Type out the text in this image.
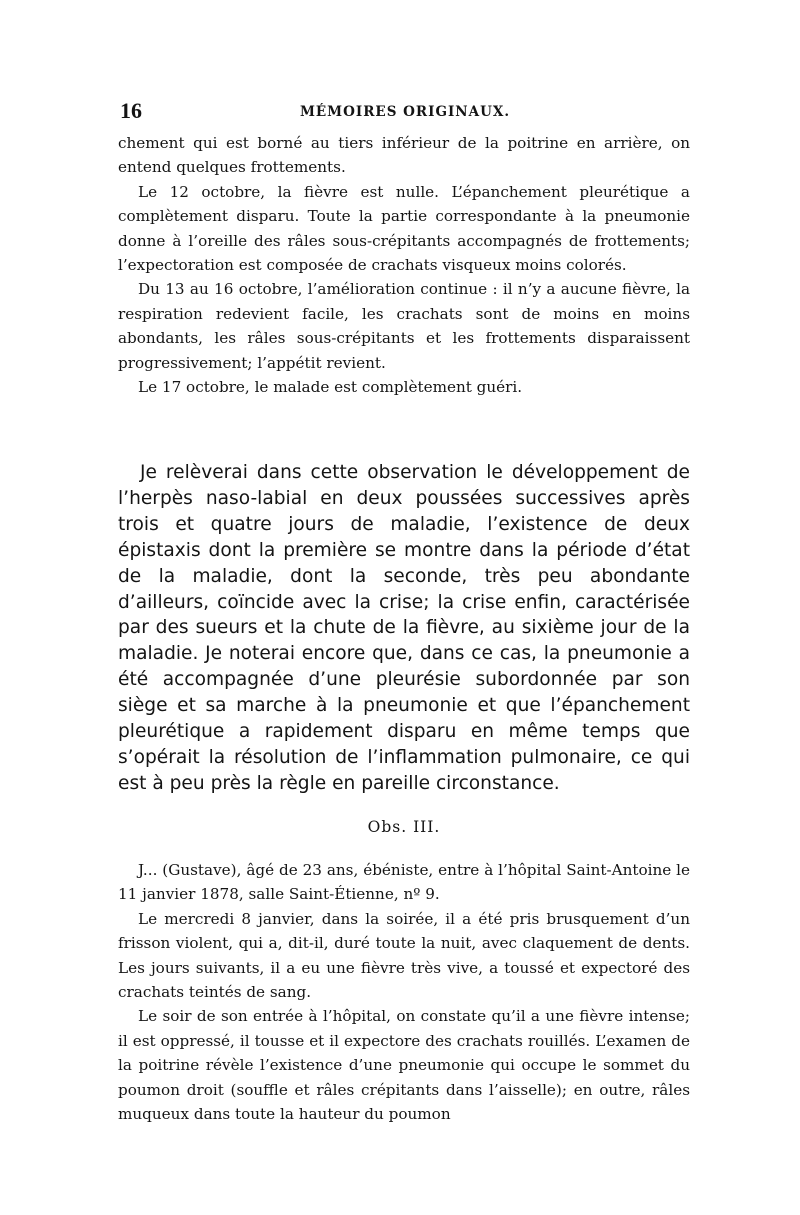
16	MÉMOIRES ORIGINAUX.

chement qui est borné au tiers inférieur de la poitrine en arrière, on entend quelques frottements.

Le 12 octobre, la fièvre est nulle. L’épanchement pleurétique a complètement disparu. Toute la partie correspondante à la pneumonie donne à l’oreille des râles sous-crépitants accompagnés de frottements; l’expectoration est composée de crachats visqueux moins colorés.

Du 13 au 16 octobre, l’amélioration continue : il n’y a aucune fièvre, la respiration redevient facile, les crachats sont de moins en moins abondants, les râles sous-crépitants et les frottements disparaissent progressivement; l’appétit revient.

Le 17 octobre, le malade est complètement guéri.

Je relèverai dans cette observation le développement de l’herpès naso-labial en deux poussées successives après trois et quatre jours de maladie, l’existence de deux épistaxis dont la première se montre dans la période d’état de la maladie, dont la seconde, très peu abondante d’ailleurs, coïncide avec la crise; la crise enfin, caractérisée par des sueurs et la chute de la fièvre, au sixième jour de la maladie. Je noterai encore que, dans ce cas, la pneumonie a été accompagnée d’une pleurésie subordonnée par son siège et sa marche à la pneumonie et que l’épanchement pleurétique a rapidement disparu en même temps que s’opérait la résolution de l’inflammation pulmonaire, ce qui est à peu près la règle en pareille circonstance.

Obs. III.

J... (Gustave), âgé de 23 ans, ébéniste, entre à l’hôpital Saint-Antoine le 11 janvier 1878, salle Saint-Étienne, nº 9.

Le mercredi 8 janvier, dans la soirée, il a été pris brusquement d’un frisson violent, qui a, dit-il, duré toute la nuit, avec claquement de dents. Les jours suivants, il a eu une fièvre très vive, a toussé et expectoré des crachats teintés de sang.

Le soir de son entrée à l’hôpital, on constate qu’il a une fièvre intense; il est oppressé, il tousse et il expectore des crachats rouillés. L’examen de la poitrine révèle l’existence d’une pneumonie qui occupe le sommet du poumon droit (souffle et râles crépitants dans l’aisselle); en outre, râles muqueux dans toute la hauteur du poumon
